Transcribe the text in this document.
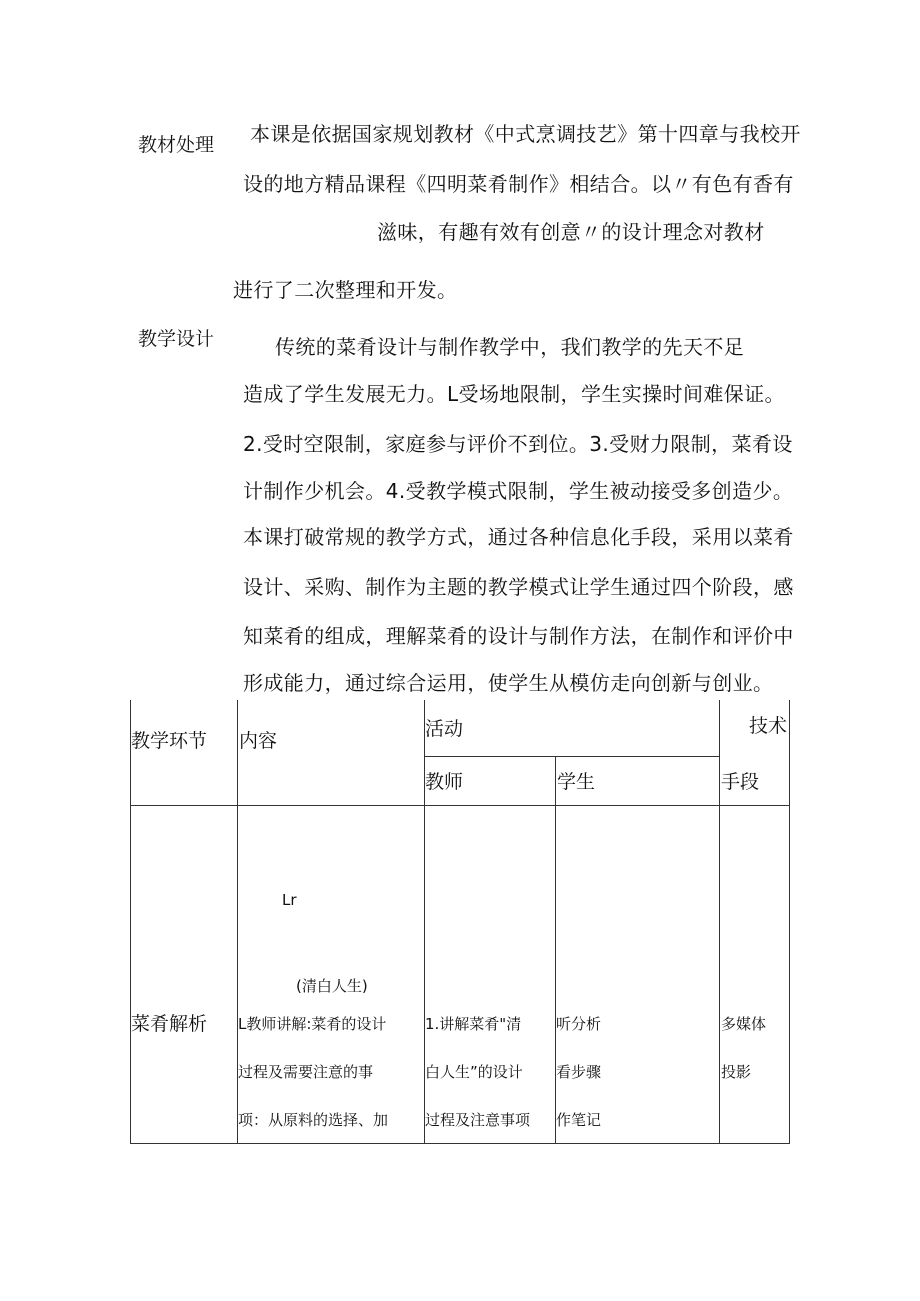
教材处理 本课是依据国家规划教材《中式烹调技艺》第十四章与我校开
设的地方精品课程《四明菜肴制作》相结合。以〃有色有香有
滋味，有趣有效有创意〃的设计理念对教材
进行了二次整理和开发。
教学设计	传统的菜肴设计与制作教学中，我们教学的先天不足
造成了学生发展无力。L受场地限制，学生实操时间难保证。
2.受时空限制，家庭参与评价不到位。3.受财力限制，菜肴设
计制作少机会。4.受教学模式限制，学生被动接受多创造少。
本课打破常规的教学方式，通过各种信息化手段，采用以菜肴
设计、采购、制作为主题的教学模式让学生通过四个阶段，感
知菜肴的组成，理解菜肴的设计与制作方法，在制作和评价中
形成能力，通过综合运用，使学生从模仿走向创新与创业。
教学环节 内容
活动
教师	学生
技术
手段
菜肴解析
Lr
(清白人生)
L教师讲解:菜肴的设计
过程及需要注意的事
项：从原料的选择、加
1.讲解菜肴"清
白人生”的设计
过程及注意事项
听分析
看步骤
作笔记
多媒体
投影
